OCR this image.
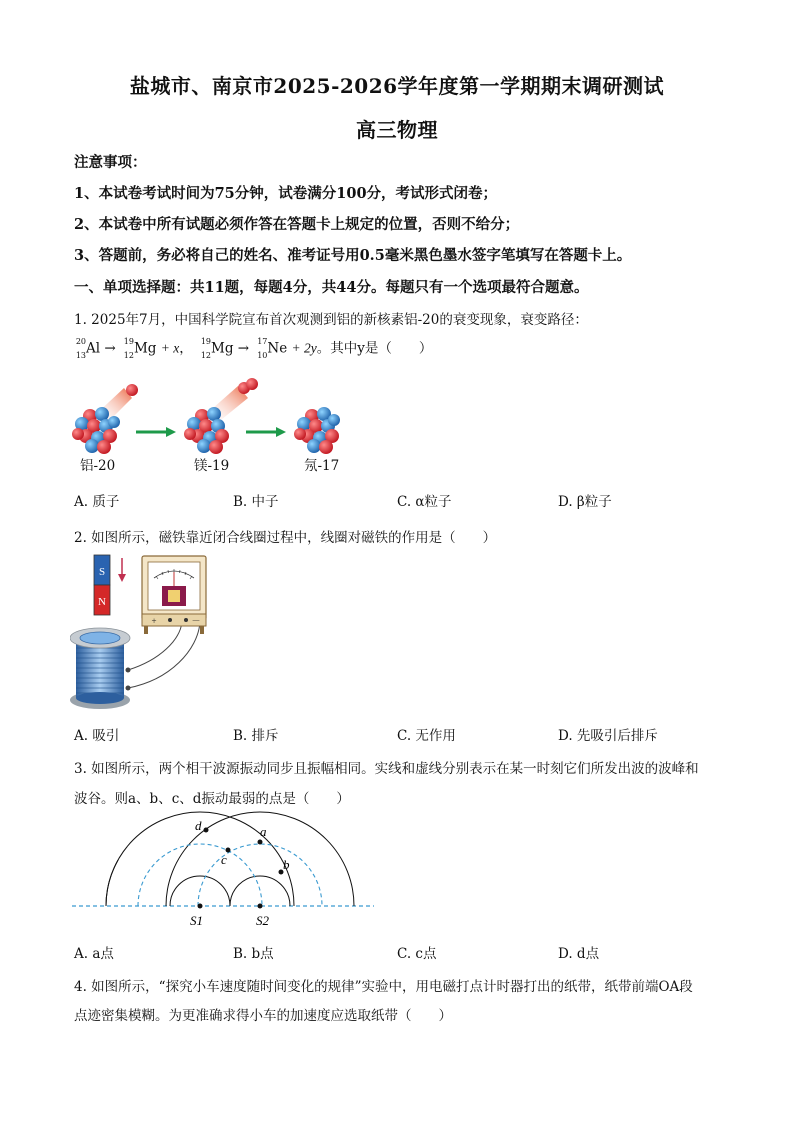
盐城市、南京市2025-2026学年度第一学期期末调研测试
高三物理
注意事项：
1、本试卷考试时间为75分钟，试卷满分100分，考试形式闭卷；
2、本试卷中所有试题必须作答在答题卡上规定的位置，否则不给分；
3、答题前，务必将自己的姓名、准考证号用0.5毫米黑色墨水签字笔填写在答题卡上。
一、单项选择题：共11题，每题4分，共44分。每题只有一个选项最符合题意。
1. 2025年7月，中国科学院宣布首次观测到铝的新核素铝-20的衰变现象，衰变路径：
20
13 Al → 19
12 Mg + x， 19
12 Mg → 17
10 Ne + 2y。其中y是（　　）
铝-20	镁-19	氖-17
A. 质子	B. 中子	C. α粒子	D. β粒子
2. 如图所示，磁铁靠近闭合线圈过程中，线圈对磁铁的作用是（　　）
S
N
+	－
A. 吸引	B. 排斥	C. 无作用	D. 先吸引后排斥
3. 如图所示，两个相干波源振动同步且振幅相同。实线和虚线分别表示在某一时刻它们所发出波的波峰和
波谷。则a、b、c、d振动最弱的点是（　　）
d	a
c	b
S1	S2
A. a点	B. b点	C. c点	D. d点
4. 如图所示，“探究小车速度随时间变化的规律”实验中，用电磁打点计时器打出的纸带，纸带前端OA段
点迹密集模糊。为更准确求得小车的加速度应选取纸带（　　）
